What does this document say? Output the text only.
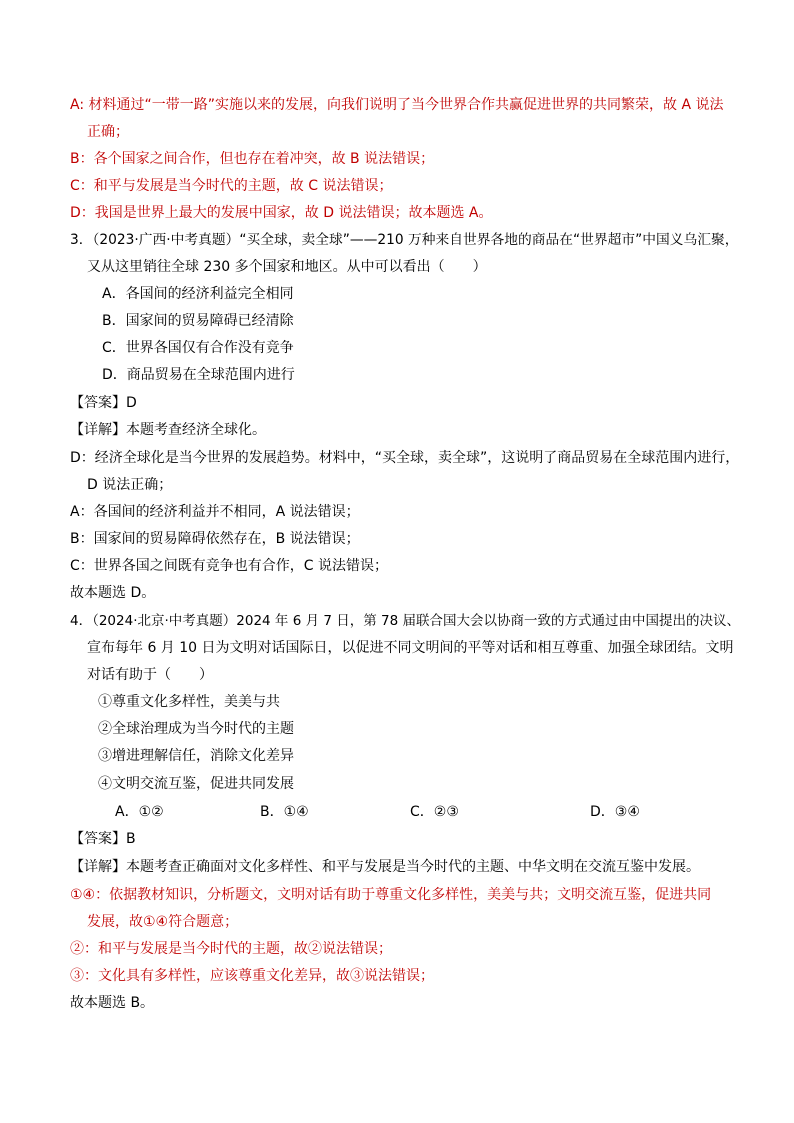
A: 材料通过“一带一路”实施以来的发展，向我们说明了当今世界合作共赢促进世界的共同繁荣，故 A 说法
正确；
B：各个国家之间合作，但也存在着冲突，故 B 说法错误；
C：和平与发展是当今时代的主题，故 C 说法错误；
D：我国是世界上最大的发展中国家，故 D 说法错误；故本题选 A。
3．（2023·广西·中考真题）“买全球，卖全球”——210 万种来自世界各地的商品在“世界超市”中国义乌汇聚，
又从这里销往全球 230 多个国家和地区。从中可以看出（　　）
A．各国间的经济利益完全相同
B．国家间的贸易障碍已经清除
C．世界各国仅有合作没有竞争
D．商品贸易在全球范围内进行
【答案】D
【详解】本题考查经济全球化。
D：经济全球化是当今世界的发展趋势。材料中，“买全球，卖全球”，这说明了商品贸易在全球范围内进行，
D 说法正确；
A：各国间的经济利益并不相同，A 说法错误；
B：国家间的贸易障碍依然存在，B 说法错误；
C：世界各国之间既有竞争也有合作，C 说法错误；
故本题选 D。
4．（2024·北京·中考真题）2024 年 6 月 7 日，第 78 届联合国大会以协商一致的方式通过由中国提出的决议、
宣布每年 6 月 10 日为文明对话国际日，以促进不同文明间的平等对话和相互尊重、加强全球团结。文明
对话有助于（　　）
①尊重文化多样性，美美与共
②全球治理成为当今时代的主题
③增进理解信任，消除文化差异
④文明交流互鉴，促进共同发展
A．①②	B．①④	C．②③	D．③④
【答案】B
【详解】本题考查正确面对文化多样性、和平与发展是当今时代的主题、中华文明在交流互鉴中发展。
①④：依据教材知识，分析题文，文明对话有助于尊重文化多样性，美美与共；文明交流互鉴，促进共同
发展，故①④符合题意；
②：和平与发展是当今时代的主题，故②说法错误；
③：文化具有多样性，应该尊重文化差异，故③说法错误；
故本题选 B。
